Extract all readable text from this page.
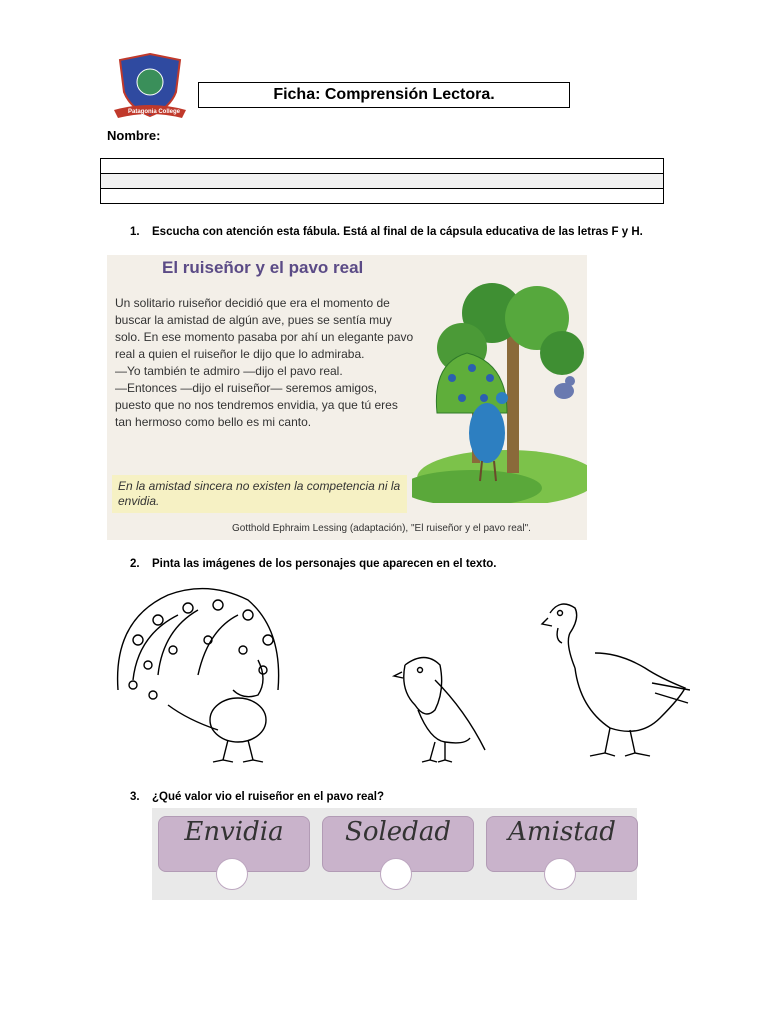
Patagonia College
Ficha: Comprensión Lectora.
Nombre:
1. Escucha con atención esta fábula. Está al final de la cápsula educativa de las letras F y H.
El ruiseñor y el pavo real

Un solitario ruiseñor decidió que era el momento de buscar la amistad de algún ave, pues se sentía muy solo. En ese momento pasaba por ahí un elegante pavo real a quien el ruiseñor le dijo que lo admiraba.

—Yo también te admiro —dijo el pavo real.

—Entonces —dijo el ruiseñor— seremos amigos, puesto que no nos tendremos envidia, ya que tú eres tan hermoso como bello es mi canto.

En la amistad sincera no existen la competencia ni la envidia.
Gotthold Ephraim Lessing (adaptación), "El ruiseñor y el pavo real".
2. Pinta las imágenes de los personajes que aparecen en el texto.
3. ¿Qué valor vio el ruiseñor en el pavo real?
Envidia	Soledad	Amistad
